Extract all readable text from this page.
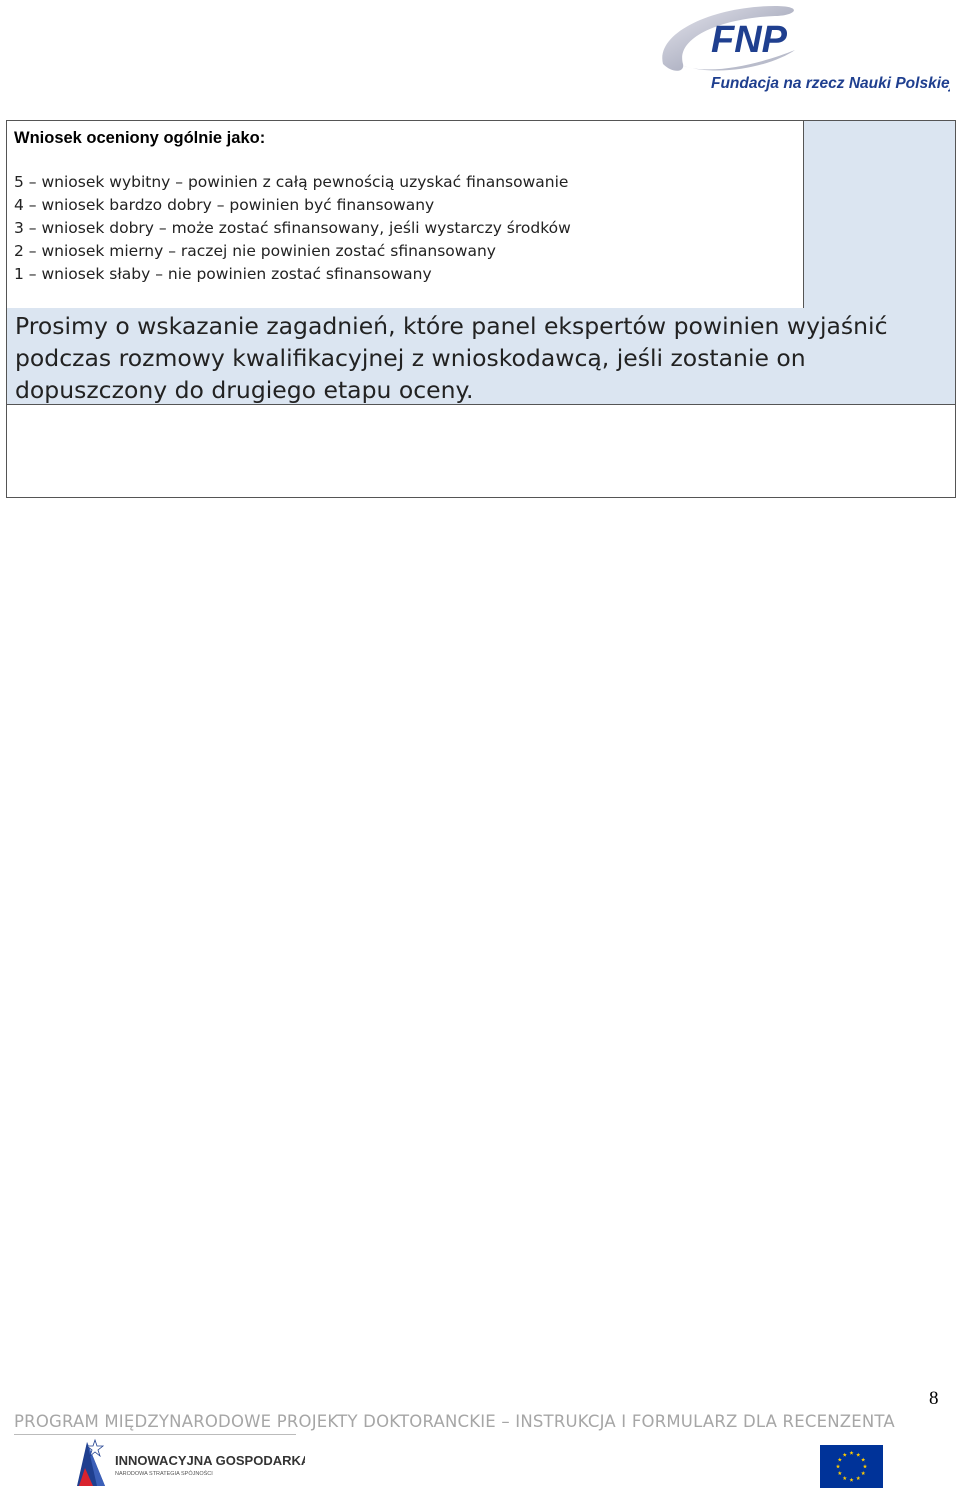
FNP
Fundacja na rzecz Nauki Polskiej
Wniosek oceniony ogólnie jako:
5 – wniosek wybitny – powinien z całą pewnością uzyskać finansowanie
4 – wniosek bardzo dobry – powinien być finansowany
3 – wniosek dobry – może zostać sfinansowany, jeśli wystarczy środków
2 – wniosek mierny – raczej nie powinien zostać sfinansowany
1 – wniosek słaby – nie powinien zostać sfinansowany

Prosimy o wskazanie zagadnień, które panel ekspertów powinien wyjaśnić podczas rozmowy kwalifikacyjnej z wnioskodawcą, jeśli zostanie on dopuszczony do drugiego etapu oceny.

8
PROGRAM MIĘDZYNARODOWE PROJEKTY DOKTORANCKIE – INSTRUKCJA I FORMULARZ DLA RECENZENTA
INNOWACYJNA GOSPODARKA
NARODOWA STRATEGIA SPÓJNOŚCI
